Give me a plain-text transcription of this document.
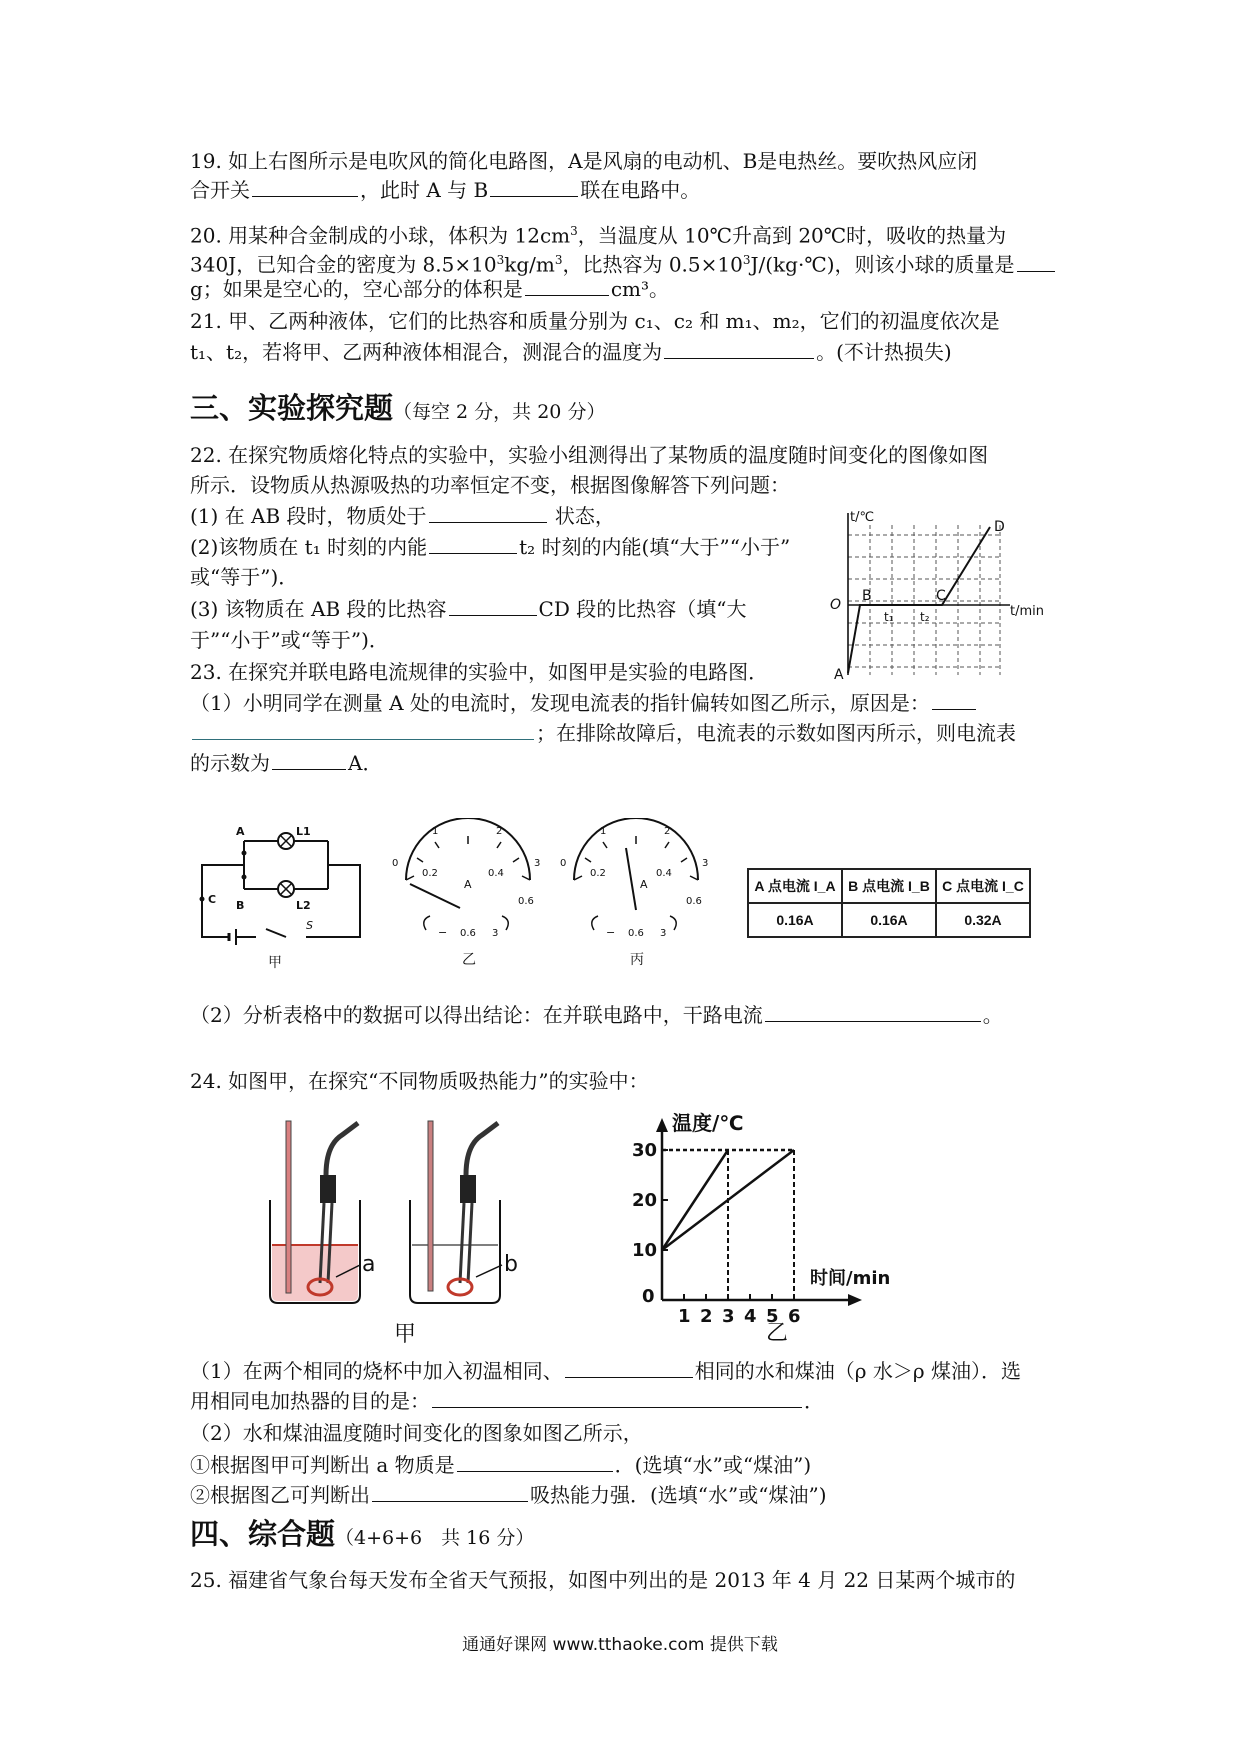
19. 如上右图所示是电吹风的简化电路图，A是风扇的电动机、B是电热丝。要吹热风应闭
合开关	，此时 A 与 B	联在电路中。
20. 用某种合金制成的小球，体积为 $12cm^3$，当温度从 10℃升高到 20℃时，吸收的热量为
340J，已知合金的密度为 $8.5\times 10^3kg/m^3$，比热容为 $0.5\times 10^3J/(kg\cdot℃)$，则该小球的质量是
g；如果是空心的，空心部分的体积是	cm³。
21. 甲、乙两种液体，它们的比热容和质量分别为 c₁、c₂ 和 m₁、m₂，它们的初温度依次是
t₁、t₂，若将甲、乙两种液体相混合，测混合的温度为	。(不计热损失)
三、实验探究题（每空 2 分，共 20 分）
22. 在探究物质熔化特点的实验中，实验小组测得出了某物质的温度随时间变化的图像如图
所示．设物质从热源吸热的功率恒定不变，根据图像解答下列问题：
(1) 在 AB 段时，物质处于	状态，
(2)该物质在 t₁ 时刻的内能	t₂ 时刻的内能(填“大于”“小于”
或“等于”)．
(3) 该物质在 AB 段的比热容	CD 段的比热容（填“大
于”“小于”或“等于”)．
t/℃
t/min
O
A
B	C
D
t₁ t₂
23. 在探究并联电路电流规律的实验中，如图甲是实验的电路图．
（1）小明同学在测量 A 处的电流时，发现电流表的指针偏转如图乙所示，原因是：
；在排除故障后，电流表的示数如图丙所示，则电流表
的示数为	A．
A
B
C
L1
L2
S
甲
0
1	2
3
0.2	0.4
0.6
A
− 0.6 3
乙
0
1	2
3
0.2	0.4
0.6
A
− 0.6 3
丙
A 点电流 I_A	B 点电流 I_B	C 点电流 I_C
0.16A	0.16A	0.32A
（2）分析表格中的数据可以得出结论：在并联电路中，干路电流	。
24. 如图甲，在探究“不同物质吸热能力”的实验中：
a	b
甲
0
1 2 3 4 5 6
10
20
30
温度/℃
时间/min
乙
（1）在两个相同的烧杯中加入初温相同、	相同的水和煤油（ρ 水＞ρ 煤油）．选
用相同电加热器的目的是：	．
（2）水和煤油温度随时间变化的图象如图乙所示，
①根据图甲可判断出 a 物质是	．(选填“水”或“煤油”)
②根据图乙可判断出	吸热能力强．(选填“水”或“煤油”)
四、综合题（4+6+6　共 16 分）
25. 福建省气象台每天发布全省天气预报，如图中列出的是 2013 年 4 月 22 日某两个城市的
通通好课网 www.tthaoke.com 提供下载
